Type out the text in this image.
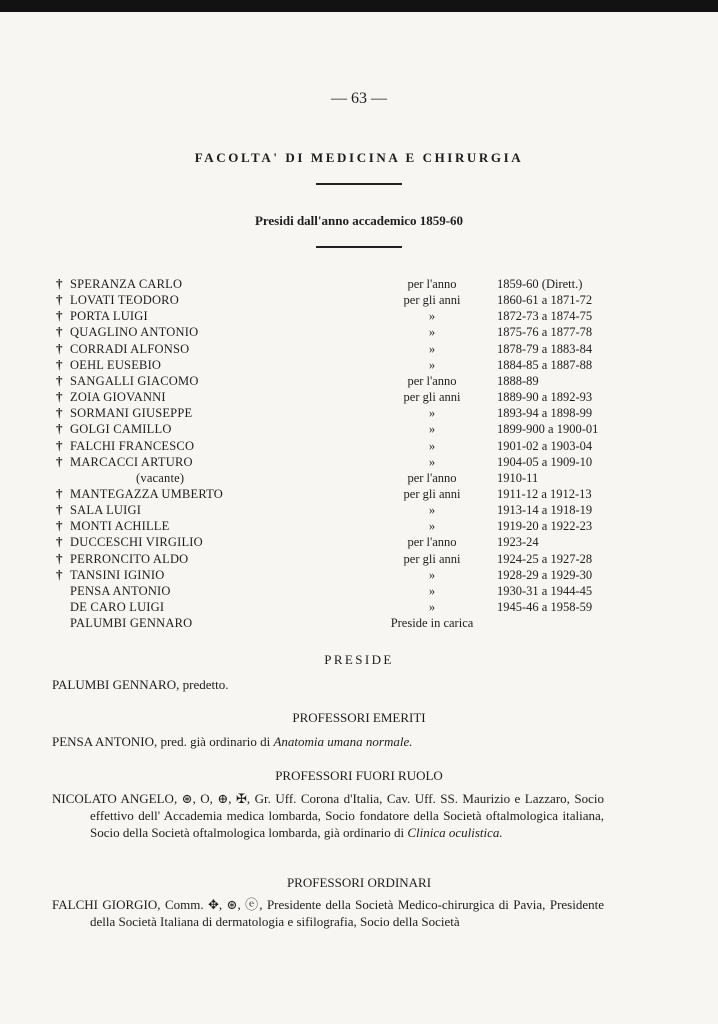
— 63 —
FACOLTA' DI MEDICINA E CHIRURGIA
Presidi dall'anno accademico 1859-60
† SPERANZA CARLO	per l'anno	1859-60 (Dirett.)
† LOVATI TEODORO	per gli anni	1860-61 a 1871-72
† PORTA LUIGI	»	1872-73 a 1874-75
† QUAGLINO ANTONIO	»	1875-76 a 1877-78
† CORRADI ALFONSO	»	1878-79 a 1883-84
† OEHL EUSEBIO	»	1884-85 a 1887-88
† SANGALLI GIACOMO	per l'anno	1888-89
† ZOIA GIOVANNI	per gli anni	1889-90 a 1892-93
† SORMANI GIUSEPPE	»	1893-94 a 1898-99
† GOLGI CAMILLO	»	1899-900 a 1900-01
† FALCHI FRANCESCO	»	1901-02 a 1903-04
† MARCACCI ARTURO	»	1904-05 a 1909-10
(vacante)	per l'anno	1910-11
† MANTEGAZZA UMBERTO	per gli anni	1911-12 a 1912-13
† SALA LUIGI	»	1913-14 a 1918-19
† MONTI ACHILLE	»	1919-20 a 1922-23
† DUCCESCHI VIRGILIO	per l'anno	1923-24
† PERRONCITO ALDO	per gli anni	1924-25 a 1927-28
† TANSINI IGINIO	»	1928-29 a 1929-30
PENSA ANTONIO	»	1930-31 a 1944-45
DE CARO LUIGI	»	1945-46 a 1958-59
PALUMBI GENNARO	Preside in carica
PRESIDE
PALUMBI GENNARO, predetto.
PROFESSORI EMERITI
PENSA ANTONIO, pred. già ordinario di Anatomia umana normale.
PROFESSORI FUORI RUOLO
NICOLATO ANGELO, ⊛, O, ⊕, ✠, Gr. Uff. Corona d'Italia, Cav. Uff. SS. Maurizio e Lazzaro, Socio effettivo dell' Accademia medica lombarda, Socio fondatore della Società oftalmologica italiana, Socio della Società oftalmologica lombarda, già ordinario di Clinica oculistica.
PROFESSORI ORDINARI
FALCHI GIORGIO, Comm. ✥, ⊛, ⓔ, Presidente della Società Medico-chirurgica di Pavia, Presidente della Società Italiana di dermatologia e sifilografia, Socio della Società
